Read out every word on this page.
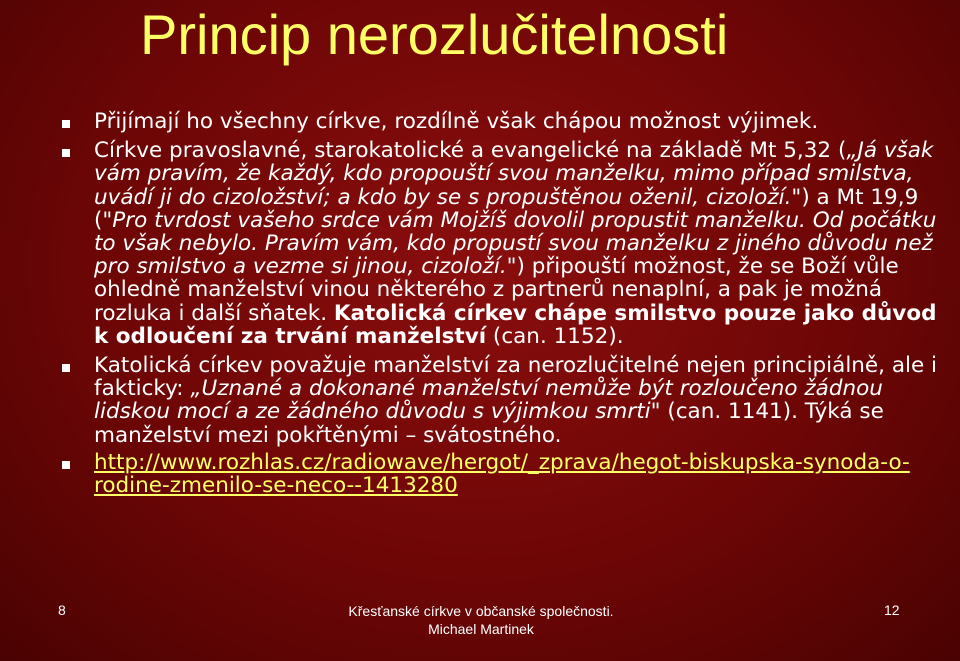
Princip nerozlučitelnosti
Přijímají ho všechny církve, rozdílně však chápou možnost výjimek.
Církve pravoslavné, starokatolické a evangelické na základě Mt 5,32 („Já však vám pravím, že každý, kdo propouští svou manželku, mimo případ smilstva, uvádí ji do cizoložství; a kdo by se s propuštěnou oženil, cizoloží.") a Mt 19,9 ("Pro tvrdost vašeho srdce vám Mojžíš dovolil propustit manželku. Od počátku to však nebylo. Pravím vám, kdo propustí svou manželku z jiného důvodu než pro smilstvo a vezme si jinou, cizoloží.") připouští možnost, že se Boží vůle ohledně manželství vinou některého z partnerů nenaplní, a pak je možná rozluka i další sňatek. Katolická církev chápe smilstvo pouze jako důvod k odloučení za trvání manželství (can. 1152).
Katolická církev považuje manželství za nerozlučitelné nejen principiálně, ale i fakticky: „Uznané a dokonané manželství nemůže být rozloučeno žádnou lidskou mocí a ze žádného důvodu s výjimkou smrti" (can. 1141). Týká se manželství mezi pokřtěnými – svátostného.
http://www.rozhlas.cz/radiowave/hergot/_zprava/hegot-biskupska-synoda-o-rodine-zmenilo-se-neco--1413280
8	Křesťanské církve v občanské společnosti.
Michael Martinek
12
